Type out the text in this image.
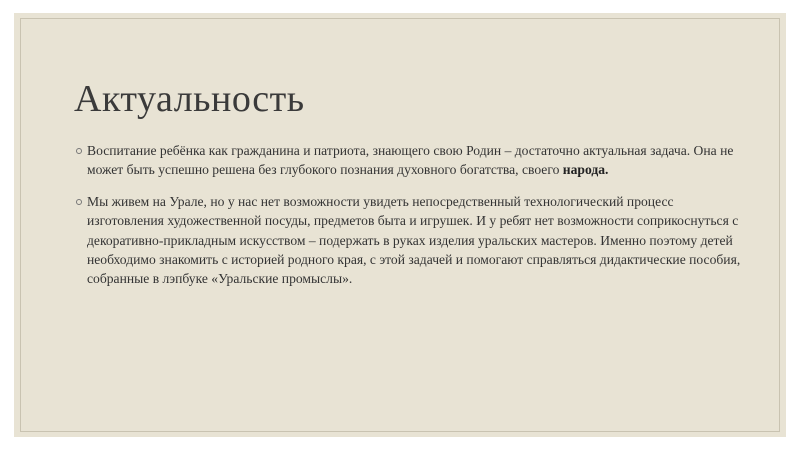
Актуальность
Воспитание ребёнка как гражданина и патриота, знающего свою Родин – достаточно актуальная задача. Она не может быть успешно решена без глубокого познания духовного богатства, своего народа.
Мы живем на Урале, но у нас нет возможности увидеть непосредственный технологический процесс изготовления художественной посуды, предметов быта и игрушек. И у ребят нет возможности соприкоснуться с декоративно-прикладным искусством – подержать в руках изделия уральских мастеров. Именно поэтому детей необходимо знакомить с историей родного края, с этой задачей и помогают справляться дидактические пособия, собранные в лэпбуке «Уральские промыслы».
